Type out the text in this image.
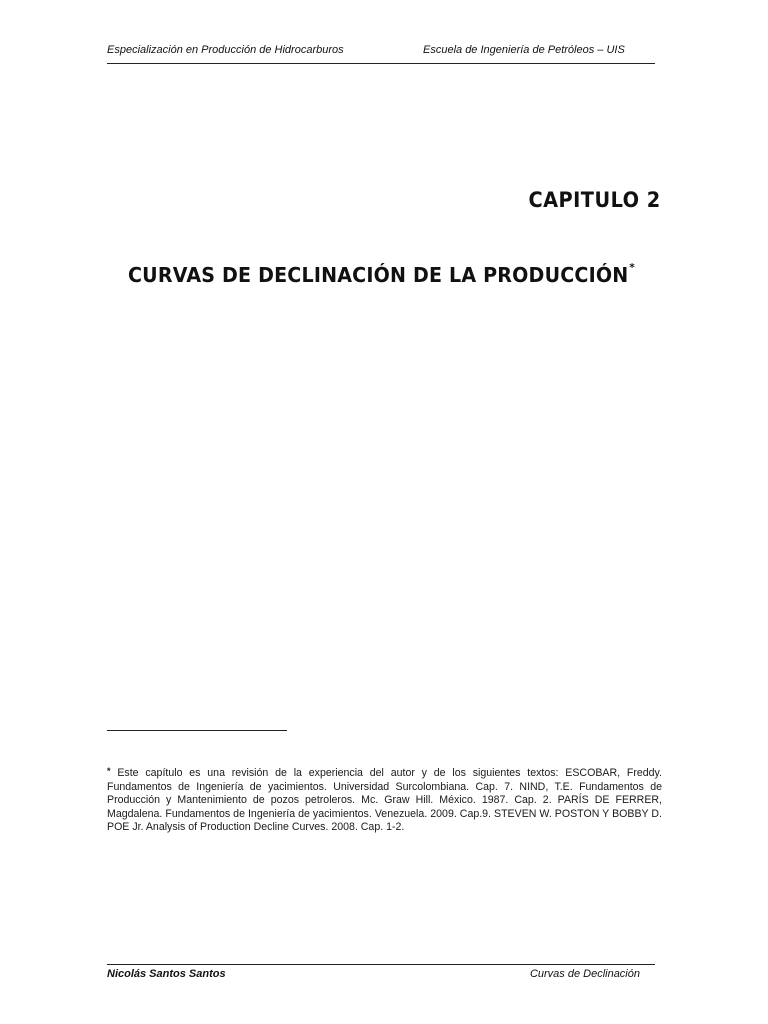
Especialización en Producción de Hidrocarburos	Escuela de Ingeniería de Petróleos – UIS
CAPITULO 2
CURVAS DE DECLINACIÓN DE LA PRODUCCIÓN*
* Este capítulo es una revisión de la experiencia del autor y de los siguientes textos: ESCOBAR, Freddy. Fundamentos de Ingeniería de yacimientos. Universidad Surcolombiana. Cap. 7. NIND, T.E. Fundamentos de Producción y Mantenimiento de pozos petroleros. Mc. Graw Hill. México. 1987. Cap. 2. PARÍS DE FERRER, Magdalena. Fundamentos de Ingeniería de yacimientos. Venezuela. 2009. Cap.9. STEVEN W. POSTON Y BOBBY D. POE Jr. Analysis of Production Decline Curves. 2008. Cap. 1-2.
Nicolás Santos Santos	Curvas de Declinación
